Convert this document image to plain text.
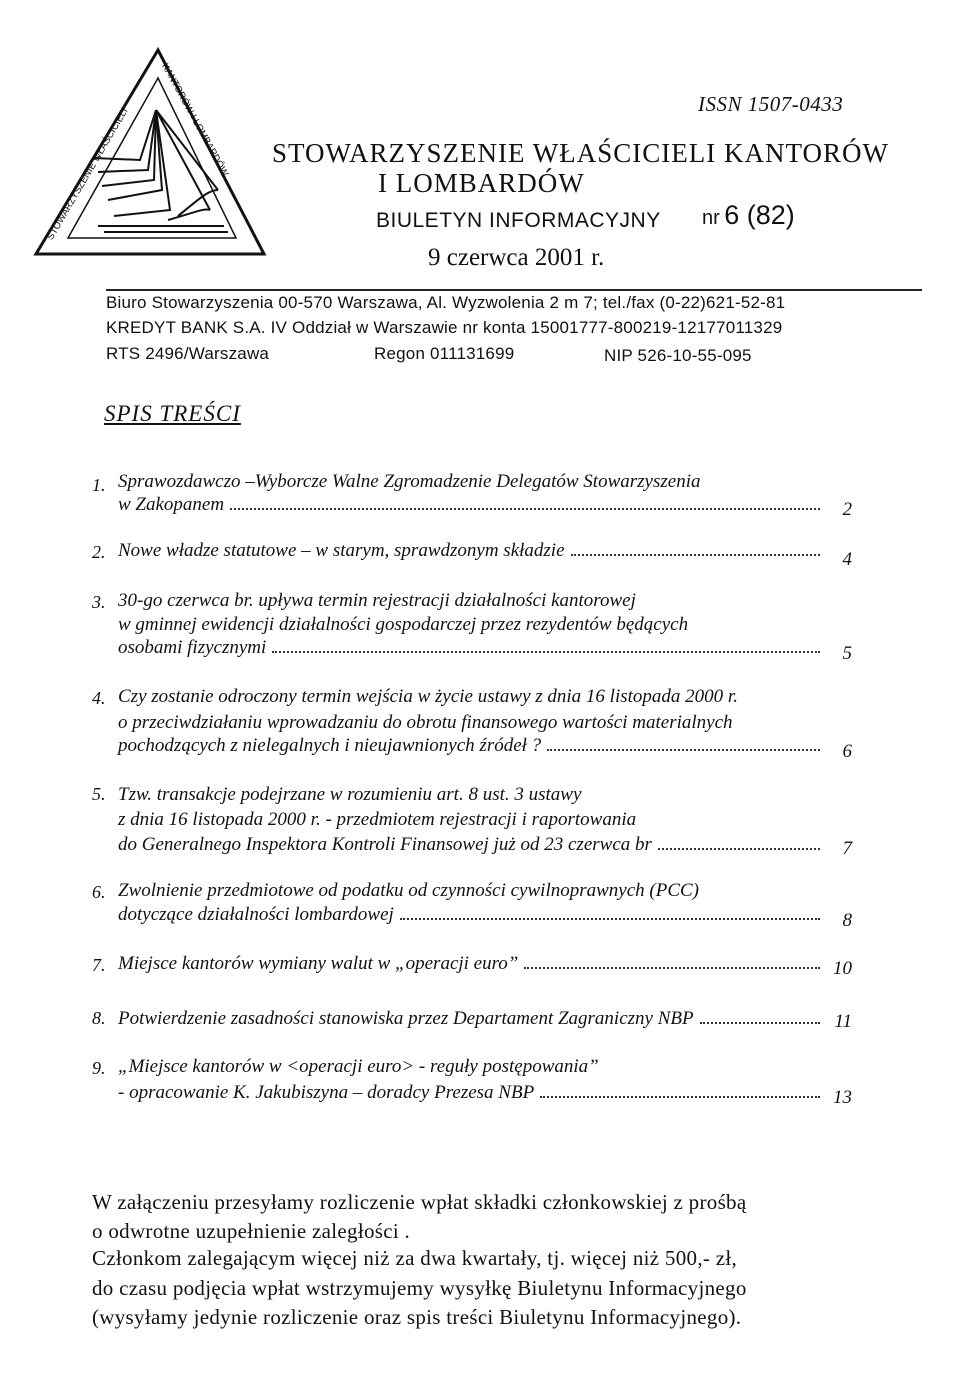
STOWARZYSZENIE WŁAŚCICIELI
KANTORÓW I LOMBARDÓW
ISSN 1507-0433
STOWARZYSZENIE WŁAŚCICIELI KANTORÓW
I LOMBARDÓW
BIULETYN INFORMACYJNY nr 6 (82)
9 czerwca 2001 r.
Biuro Stowarzyszenia 00-570 Warszawa, Al. Wyzwolenia 2 m 7; tel./fax (0-22)621-52-81
KREDYT BANK S.A. IV Oddział w Warszawie nr konta 15001777-800219-12177011329
RTS 2496/Warszawa	Regon 011131699	NIP 526-10-55-095
SPIS TREŚCI
1. Sprawozdawczo –Wyborcze Walne Zgromadzenie Delegatów Stowarzyszenia
w Zakopanem	2
2. Nowe władze statutowe – w starym, sprawdzonym składzie	4
3. 30-go czerwca br. upływa termin rejestracji działalności kantorowej
w gminnej ewidencji działalności gospodarczej przez rezydentów będących
osobami fizycznymi	5
4. Czy zostanie odroczony termin wejścia w życie ustawy z dnia 16 listopada 2000 r.
o przeciwdziałaniu wprowadzaniu do obrotu finansowego wartości materialnych
pochodzących z nielegalnych i nieujawnionych źródeł ?	6
5. Tzw. transakcje podejrzane w rozumieniu art. 8 ust. 3 ustawy
z dnia 16 listopada 2000 r. - przedmiotem rejestracji i raportowania
do Generalnego Inspektora Kontroli Finansowej już od 23 czerwca br	7
6. Zwolnienie przedmiotowe od podatku od czynności cywilnoprawnych (PCC)
dotyczące działalności lombardowej	8
7. Miejsce kantorów wymiany walut w „operacji euro”	10
8. Potwierdzenie zasadności stanowiska przez Departament Zagraniczny NBP	11
9. „Miejsce kantorów w <operacji euro> - reguły postępowania”
- opracowanie K. Jakubiszyna – doradcy Prezesa NBP	13
W załączeniu przesyłamy rozliczenie wpłat składki członkowskiej z prośbą
o odwrotne uzupełnienie zaległości .
Członkom zalegającym więcej niż za dwa kwartały, tj. więcej niż 500,- zł,
do czasu podjęcia wpłat wstrzymujemy wysyłkę Biuletynu Informacyjnego
(wysyłamy jedynie rozliczenie oraz spis treści Biuletynu Informacyjnego).
